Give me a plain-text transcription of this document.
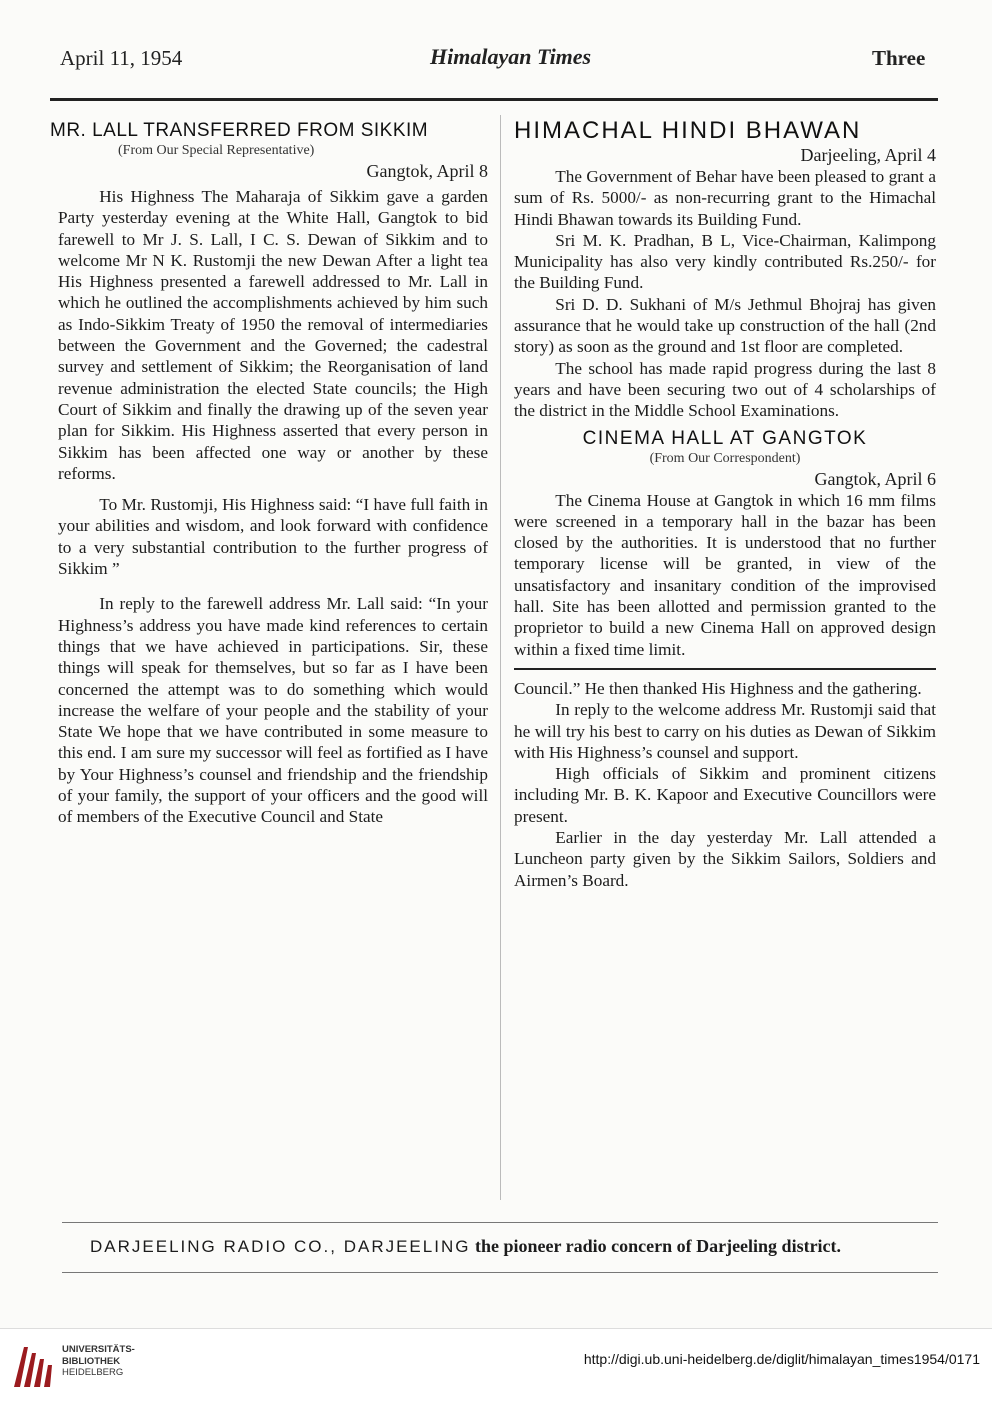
April 11, 1954	Himalayan Times	Three
MR. LALL TRANSFERRED FROM SIKKIM
(From Our Special Representative)
Gangtok, April 8

His Highness The Maharaja of Sikkim gave a garden Party yesterday evening at the White Hall, Gangtok to bid farewell to Mr J. S. Lall, I C. S. Dewan of Sikkim and to welcome Mr N K. Rustomji the new Dewan After a light tea His Highness presented a farewell addressed to Mr. Lall in which he outlined the accomplishments achieved by him such as Indo-Sikkim Treaty of 1950 the removal of intermediaries between the Government and the Governed; the cadestral survey and settlement of Sikkim; the Reorganisation of land revenue administration the elected State councils; the High Court of Sikkim and finally the drawing up of the seven year plan for Sikkim. His Highness asserted that every person in Sikkim has been affected one way or another by these reforms.

To Mr. Rustomji, His Highness said: “I have full faith in your abilities and wisdom, and look forward with confidence to a very substantial contribution to the further progress of Sikkim ”

In reply to the farewell address Mr. Lall said: “In your Highness’s address you have made kind references to certain things that we have achieved in participations. Sir, these things will speak for themselves, but so far as I have been concerned the attempt was to do something which would increase the welfare of your people and the stability of your State We hope that we have contributed in some measure to this end. I am sure my successor will feel as fortified as I have by Your Highness’s counsel and friendship and the friendship of your family, the support of your officers and the good will of members of the Executive Council and State

HIMACHAL HINDI BHAWAN
Darjeeling, April 4

The Government of Behar have been pleased to grant a sum of Rs. 5000/- as non-recurring grant to the Himachal Hindi Bhawan towards its Building Fund.

Sri M. K. Pradhan, B L, Vice-Chairman, Kalimpong Municipality has also very kindly contributed Rs.250/- for the Building Fund.

Sri D. D. Sukhani of M/s Jethmul Bhojraj has given assurance that he would take up construction of the hall (2nd story) as soon as the ground and 1st floor are completed.

The school has made rapid progress during the last 8 years and have been securing two out of 4 scholarships of the district in the Middle School Examinations.

CINEMA HALL AT GANGTOK
(From Our Correspondent)
Gangtok, April 6

The Cinema House at Gangtok in which 16 mm films were screened in a temporary hall in the bazar has been closed by the authorities. It is understood that no further temporary license will be granted, in view of the unsatisfactory and insanitary condition of the improvised hall. Site has been allotted and permission granted to the proprietor to build a new Cinema Hall on approved design within a fixed time limit.

Council.” He then thanked His Highness and the gathering.

In reply to the welcome address Mr. Rustomji said that he will try his best to carry on his duties as Dewan of Sikkim with His Highness’s counsel and support.

High officials of Sikkim and prominent citizens including Mr. B. K. Kapoor and Executive Councillors were present.

Earlier in the day yesterday Mr. Lall attended a Luncheon party given by the Sikkim Sailors, Soldiers and Airmen’s Board.

DARJEELING RADIO CO., DARJEELING the pioneer radio concern of Darjeeling district.
UNIVERSITÄTS-
BIBLIOTHEK
HEIDELBERG
http://digi.ub.uni-heidelberg.de/diglit/himalayan_times1954/0171
